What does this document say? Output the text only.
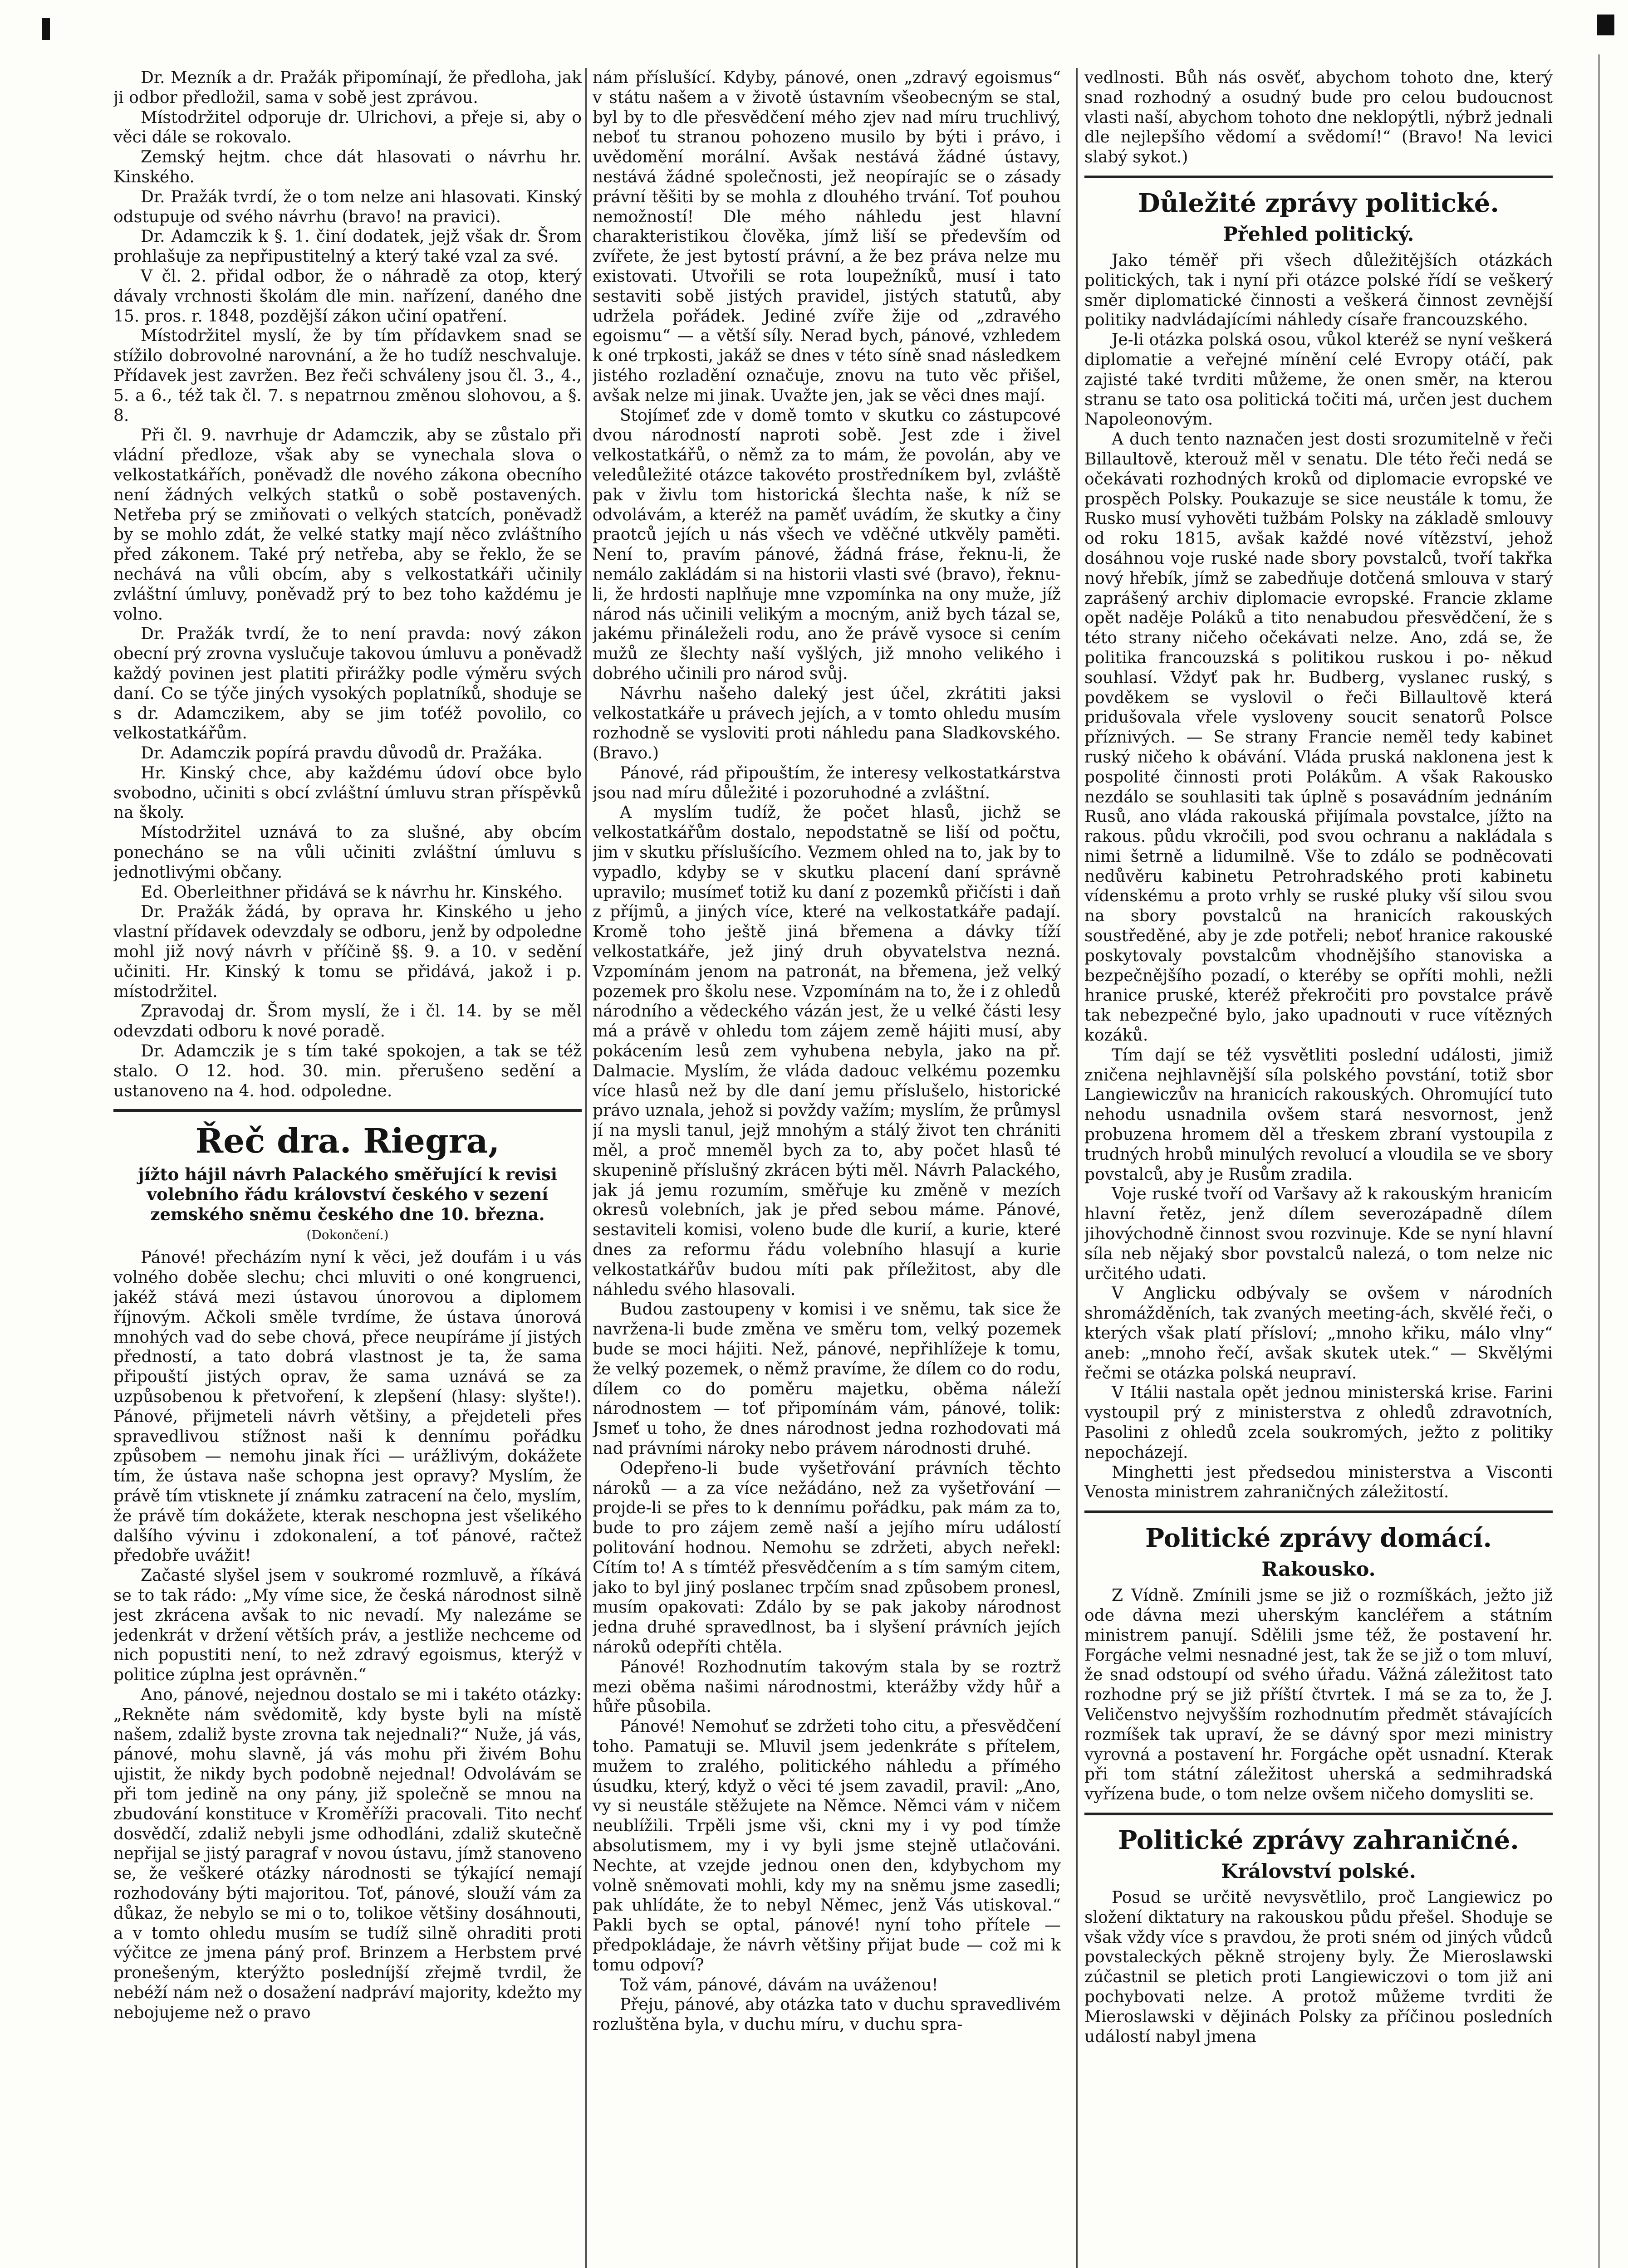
Dr. Mezník a dr. Pražák připomínají, že předloha, jak ji odbor předložil, sama v sobě jest zprávou.

Místodržitel odporuje dr. Ulrichovi, a přeje si, aby o věci dále se rokovalo.

Zemský hejtm. chce dát hlasovati o návrhu hr. Kinského.

Dr. Pražák tvrdí, že o tom nelze ani hlasovati. Kinský odstupuje od svého návrhu (bravo! na pravici).

Dr. Adamczik k §. 1. činí dodatek, jejž však dr. Šrom prohlašuje za nepřipustitelný a který také vzal za své.

V čl. 2. přidal odbor, že o náhradě za otop, který dávaly vrchnosti školám dle min. nařízení, daného dne 15. pros. r. 1848, pozdější zákon učiní opatření.

Místodržitel myslí, že by tím přídavkem snad se stížilo dobrovolné narovnání, a že ho tudíž neschvaluje. Přídavek jest zavržen. Bez řeči schváleny jsou čl. 3., 4., 5. a 6., též tak čl. 7. s nepatrnou změnou slohovou, a §. 8.

Při čl. 9. navrhuje dr Adamczik, aby se zůstalo při vládní předloze, však aby se vynechala slova o velkostatkářích, poněvadž dle nového zákona obecního není žádných velkých statků o sobě postavených. Netřeba prý se zmiňovati o velkých statcích, poněvadž by se mohlo zdát, že velké statky mají něco zvláštního před zákonem. Také prý netřeba, aby se řeklo, že se nechává na vůli obcím, aby s velkostatkáři učinily zvláštní úmluvy, poněvadž prý to bez toho každému je volno.

Dr. Pražák tvrdí, že to není pravda: nový zákon obecní prý zrovna vyslučuje takovou úmluvu a poněvadž každý povinen jest platiti přirážky podle výměru svých daní. Co se týče jiných vysokých poplatníků, shoduje se s dr. Adamczikem, aby se jim toťéž povolilo, co velkostatkářům.

Dr. Adamczik popírá pravdu důvodů dr. Pražáka.

Hr. Kinský chce, aby každému údoví obce bylo svobodno, učiniti s obcí zvláštní úmluvu stran příspěvků na školy.

Místodržitel uznává to za slušné, aby obcím ponecháno se na vůli učiniti zvláštní úmluvu s jednotlivými občany.

Ed. Oberleithner přidává se k návrhu hr. Kinského.

Dr. Pražák žádá, by oprava hr. Kinského u jeho vlastní přídavek odevzdaly se odboru, jenž by odpoledne mohl již nový návrh v příčině §§. 9. a 10. v sedění učiniti. Hr. Kinský k tomu se přidává, jakož i p. místodržitel.

Zpravodaj dr. Šrom myslí, že i čl. 14. by se měl odevzdati odboru k nové poradě.

Dr. Adamczik je s tím také spokojen, a tak se též stalo. O 12. hod. 30. min. přerušeno sedění a ustanoveno na 4. hod. odpoledne.

Řeč dra. Riegra,
jížto hájil návrh Palackého směřující k revisi volebního řádu království českého v sezení zemského sněmu českého dne 10. března.
(Dokončení.)

Pánové! přecházím nyní k věci, jež doufám i u vás volného doběe slechu; chci mluviti o oné kongruenci, jakéž stává mezi ústavou únorovou a diplomem říjnovým. Ačkoli směle tvrdíme, že ústava únorová mnohých vad do sebe chová, přece neupíráme jí jistých předností, a tato dobrá vlastnost je ta, že sama připouští jistých oprav, že sama uznává se za uzpůsobenou k přetvoření, k zlepšení (hlasy: slyšte!). Pánové, přijmeteli návrh většiny, a přejdeteli přes spravedlivou stížnost naši k dennímu pořádku způsobem — nemohu jinak říci — urážlivým, dokážete tím, že ústava naše schopna jest opravy? Myslím, že právě tím vtisknete jí známku zatracení na čelo, myslím, že právě tím dokážete, kterak neschopna jest všelikého dalšího vývinu i zdokonalení, a toť pánové, račtež předobře uvážit!

Začasté slyšel jsem v soukromé rozmluvě, a říkává se to tak rádo: „My víme sice, že česká národnost silně jest zkrácena avšak to nic nevadí. My nalezáme se jedenkrát v držení větších práv, a jestliže nechceme od nich popustiti není, to než zdravý egoismus, kterýž v politice zúplna jest oprávněn.“

Ano, pánové, nejednou dostalo se mi i takéto otázky: „Rekněte nám svědomitě, kdy byste byli na místě našem, zdaliž byste zrovna tak nejednali?“ Nuže, já vás, pánové, mohu slavně, já vás mohu při živém Bohu ujistit, že nikdy bych podobně nejednal! Odvolávám se při tom jedině na ony pány, již společně se mnou na zbudování konstituce v Kroměříži pracovali. Tito nechť dosvědčí, zdaliž nebyli jsme odhodláni, zdaliž skutečně nepřijal se jistý paragraf v novou ústavu, jímž stanoveno se, že veškeré otázky národnosti se týkající nemají rozhodovány býti majoritou. Toť, pánové, slouží vám za důkaz, že nebylo se mi o to, tolikoe většiny dosáhnouti, a v tomto ohledu musím se tudíž silně ohraditi proti výčitce ze jmena páný prof. Brinzem a Herbstem prvé pronešeným, kterýžto posledníjší zřejmě tvrdil, že nebéží nám než o dosažení nadpráví majority, kdežto my nebojujeme než o pravo

nám příslušící. Kdyby, pánové, onen „zdravý egoismus“ v státu našem a v životě ústavním všeobecným se stal, byl by to dle přesvědčení mého zjev nad míru truchlivý, neboť tu stranou pohozeno musilo by býti i právo, i uvědomění morální. Avšak nestává žádné ústavy, nestává žádné společnosti, jež neopírajíc se o zásady právní těšiti by se mohla z dlouhého trvání. Toť pouhou nemožností! Dle mého náhledu jest hlavní charakteristikou člověka, jímž liší se především od zvířete, že jest bytostí právní, a že bez práva nelze mu existovati. Utvořili se rota loupežníků, musí i tato sestaviti sobě jistých pravidel, jistých statutů, aby udržela pořádek. Jediné zvíře žije od „zdravého egoismu“ — a větší síly. Nerad bych, pánové, vzhledem k oné trpkosti, jakáž se dnes v této síně snad následkem jistého rozladění označuje, znovu na tuto věc přišel, avšak nelze mi jinak. Uvažte jen, jak se věci dnes mají.

Stojímeť zde v domě tomto v skutku co zástupcové dvou národností naproti sobě. Jest zde i živel velkostatkářů, o němž za to mám, že povolán, aby ve veledůležité otázce takovéto prostředníkem byl, zvláště pak v živlu tom historická šlechta naše, k níž se odvolávám, a kteréž na paměť uvádím, že skutky a činy praotců jejích u nás všech ve vděčné utkvěly paměti. Není to, pravím pánové, žádná fráse, řeknu-li, že nemálo zakládám si na historii vlasti své (bravo), řeknu-li, že hrdosti naplňuje mne vzpomínka na ony muže, jíž národ nás učinili velikým a mocným, aniž bych tázal se, jakému přináleželi rodu, ano že právě vysoce si cením mužů ze šlechty naší vyšlých, již mnoho velikého i dobrého učinili pro národ svůj.

Návrhu našeho daleký jest účel, zkrátiti jaksi velkostatkáře u právech jejích, a v tomto ohledu musím rozhodně se vysloviti proti náhledu pana Sladkovského. (Bravo.)

Pánové, rád připouštím, že interesy velkostatkárstva jsou nad míru důležité i pozoruhodné a zvláštní.

A myslím tudíž, že počet hlasů, jichž se velkostatkářům dostalo, nepodstatně se liší od počtu, jim v skutku příslušícího. Vezmem ohled na to, jak by to vypadlo, kdyby se v skutku placení daní správně upravilo; musímeť totiž ku daní z pozemků přičísti i daň z příjmů, a jiných více, které na velkostatkáře padají. Kromě toho ještě jiná břemena a dávky tíží velkostatkáře, jež jiný druh obyvatelstva nezná. Vzpomínám jenom na patronát, na břemena, jež velký pozemek pro školu nese. Vzpomínám na to, že i z ohledů národního a vědeckého vázán jest, že u velké části lesy má a právě v ohledu tom zájem země hájiti musí, aby pokácením lesů zem vyhubena nebyla, jako na př. Dalmacie. Myslím, že vláda dadouc velkému pozemku více hlasů než by dle daní jemu příslušelo, historické právo uznala, jehož si povždy važím; myslím, že průmysl jí na mysli tanul, jejž mnohým a stálý život ten chrániti měl, a proč mneměl bych za to, aby počet hlasů té skupenině příslušný zkrácen býti měl. Návrh Palackého, jak já jemu rozumím, směřuje ku změně v mezích okresů volebních, jak je před sebou máme. Pánové, sestaviteli komisi, voleno bude dle kurií, a kurie, které dnes za reformu řádu volebního hlasují a kurie velkostatkářův budou míti pak příležitost, aby dle náhledu svého hlasovali.

Budou zastoupeny v komisi i ve sněmu, tak sice že navržena-li bude změna ve směru tom, velký pozemek bude se moci hájiti. Než, pánové, nepřihlížeje k tomu, že velký pozemek, o němž pravíme, že dílem co do rodu, dílem co do poměru majetku, oběma náleží národnostem — toť připomínám vám, pánové, tolik: Jsmeť u toho, že dnes národnost jedna rozhodovati má nad právními nároky nebo právem národnosti druhé.

Odepřeno-li bude vyšetřování právních těchto nároků — a za více nežádáno, než za vyšetřování — projde-li se přes to k dennímu pořádku, pak mám za to, bude to pro zájem země naší a jejího míru událostí politování hodnou. Nemohu se zdržeti, abych neřekl: Cítím to! A s tímtéž přesvědčením a s tím samým citem, jako to byl jiný poslanec trpčím snad způsobem pronesl, musím opakovati: Zdálo by se pak jakoby národnost jedna druhé spravedlnost, ba i slyšení právních jejích nároků odepříti chtěla.

Pánové! Rozhodnutím takovým stala by se roztrž mezi oběma našimi národnostmi, kterážby vždy hůř a hůře působila.

Pánové! Nemohuť se zdržeti toho citu, a přesvědčení toho. Pamatuji se. Mluvil jsem jedenkráte s přítelem, mužem to zralého, politického náhledu a přímého úsudku, který, když o věci té jsem zavadil, pravil: „Ano, vy si neustále stěžujete na Němce. Němci vám v ničem neublížili. Trpěli jsme vši, ckni my i vy pod tímže absolutismem, my i vy byli jsme stejně utlačováni. Nechte, at vzejde jednou onen den, kdybychom my volně sněmovati mohli, kdy my na sněmu jsme zasedli; pak uhlídáte, že to nebyl Němec, jenž Vás utiskoval.“ Pakli bych se optal, pánové! nyní toho přítele — předpokládaje, že návrh většiny přijat bude — což mi k tomu odpoví?

Tož vám, pánové, dávám na uváženou!

Přeju, pánové, aby otázka tato v duchu spravedlivém rozluštěna byla, v duchu míru, v duchu spra-

vedlnosti. Bůh nás osvěť, abychom tohoto dne, který snad rozhodný a osudný bude pro celou budoucnost vlasti naší, abychom tohoto dne neklopýtli, nýbrž jednali dle nejlepšího vědomí a svědomí!“ (Bravo! Na levici slabý sykot.)

Důležité zprávy politické.
Přehled politický.

Jako téměř při všech důležitějších otázkách politických, tak i nyní při otázce polské řídí se veškerý směr diplomatické činnosti a veškerá činnost zevnější politiky nadvládajícími náhledy císaře francouzského.

Je-li otázka polská osou, vůkol kteréž se nyní veškerá diplomatie a veřejné mínění celé Evropy otáčí, pak zajisté také tvrditi můžeme, že onen směr, na kterou stranu se tato osa politická točiti má, určen jest duchem Napoleonovým.

A duch tento naznačen jest dosti srozumitelně v řeči Billaultově, kterouž měl v senatu. Dle této řeči nedá se očekávati rozhodných kroků od diplomacie evropské ve prospěch Polsky. Poukazuje se sice neustále k tomu, že Rusko musí vyhověti tužbám Polsky na základě smlouvy od roku 1815, avšak každé nové vítězství, jehož dosáhnou voje ruské nade sbory povstalců, tvoří takřka nový hřebík, jímž se zabedňuje dotčená smlouva v starý zaprášený archiv diplomacie evropské. Francie zklame opět naděje Poláků a tito nenabudou přesvědčení, že s této strany ničeho očekávati nelze. Ano, zdá se, že politika francouzská s politikou ruskou i po- někud souhlasí. Vždyť pak hr. Budberg, vyslanec ruský, s povděkem se vyslovil o řeči Billaultově která pridušovala vřele vysloveny soucit senatorů Polsce příznivých. — Se strany Francie neměl tedy kabinet ruský ničeho k obávání. Vláda pruská naklonena jest k pospolité činnosti proti Polákům. A však Rakousko nezdálo se souhlasiti tak úplně s posavádním jednáním Rusů, ano vláda rakouská přijímala povstalce, jížto na rakous. půdu vkročili, pod svou ochranu a nakládala s nimi šetrně a lidumilně. Vše to zdálo se podněcovati nedůvěru kabinetu Petrohradského proti kabinetu vídenskému a proto vrhly se ruské pluky vší silou svou na sbory povstalců na hranicích rakouských soustředěné, aby je zde potřeli; neboť hranice rakouské poskytovaly povstalcům vhodnějšího stanoviska a bezpečnějšího pozadí, o kteréby se opříti mohli, nežli hranice pruské, kteréž překročiti pro povstalce právě tak nebezpečné bylo, jako upadnouti v ruce vítězných kozáků.

Tím dají se též vysvětliti poslední události, jimiž zničena nejhlavnější síla polského povstání, totiž sbor Langiewiczův na hranicích rakouských. Ohromující tuto nehodu usnadnila ovšem stará nesvornost, jenž probuzena hromem děl a třeskem zbraní vystoupila z trudných hrobů minulých revolucí a vloudila se ve sbory povstalců, aby je Rusům zradila.

Voje ruské tvoří od Varšavy až k rakouským hranicím hlavní řetěz, jenž dílem severozápadně dílem jihovýchodně činnost svou rozvinuje. Kde se nyní hlavní síla neb nějaký sbor povstalců nalezá, o tom nelze nic určitého udati.

V Anglicku odbývaly se ovšem v národních shromážděních, tak zvaných meeting-ách, skvělé řeči, o kterých však platí přísloví; „mnoho křiku, málo vlny“ aneb: „mnoho řečí, avšak skutek utek.“ — Skvělými řečmi se otázka polská neupraví.

V Itálii nastala opět jednou ministerská krise. Farini vystoupil prý z ministerstva z ohledů zdravotních, Pasolini z ohledů zcela soukromých, ježto z politiky nepocházejí.

Minghetti jest předsedou ministerstva a Visconti Venosta ministrem zahraničných záležitostí.

Politické zprávy domácí.
Rakousko.

Z Vídně. Zmínili jsme se již o rozmíškách, ježto již ode dávna mezi uherským kancléřem a státním ministrem panují. Sdělili jsme též, že postavení hr. Forgáche velmi nesnadné jest, tak že se již o tom mluví, že snad odstoupí od svého úřadu. Vážná záležitost tato rozhodne prý se již příští čtvrtek. I má se za to, že J. Veličenstvo nejvyšším rozhodnutím předmět stávajících rozmíšek tak upraví, že se dávný spor mezi ministry vyrovná a postavení hr. Forgáche opět usnadní. Kterak při tom státní záležitost uherská a sedmihradská vyřízena bude, o tom nelze ovšem ničeho domysliti se.

Politické zprávy zahraničné.
Království polské.

Posud se určitě nevysvětlilo, proč Langiewicz po složení diktatury na rakouskou půdu přešel. Shoduje se však vždy více s pravdou, že proti sném od jiných vůdců povstaleckých pěkně strojeny byly. Že Mieroslawski zúčastnil se pletich proti Langiewiczovi o tom již ani pochybovati nelze. A protož můžeme tvrditi že Mieroslawski v dějinách Polsky za příčinou posledních událostí nabyl jmena
